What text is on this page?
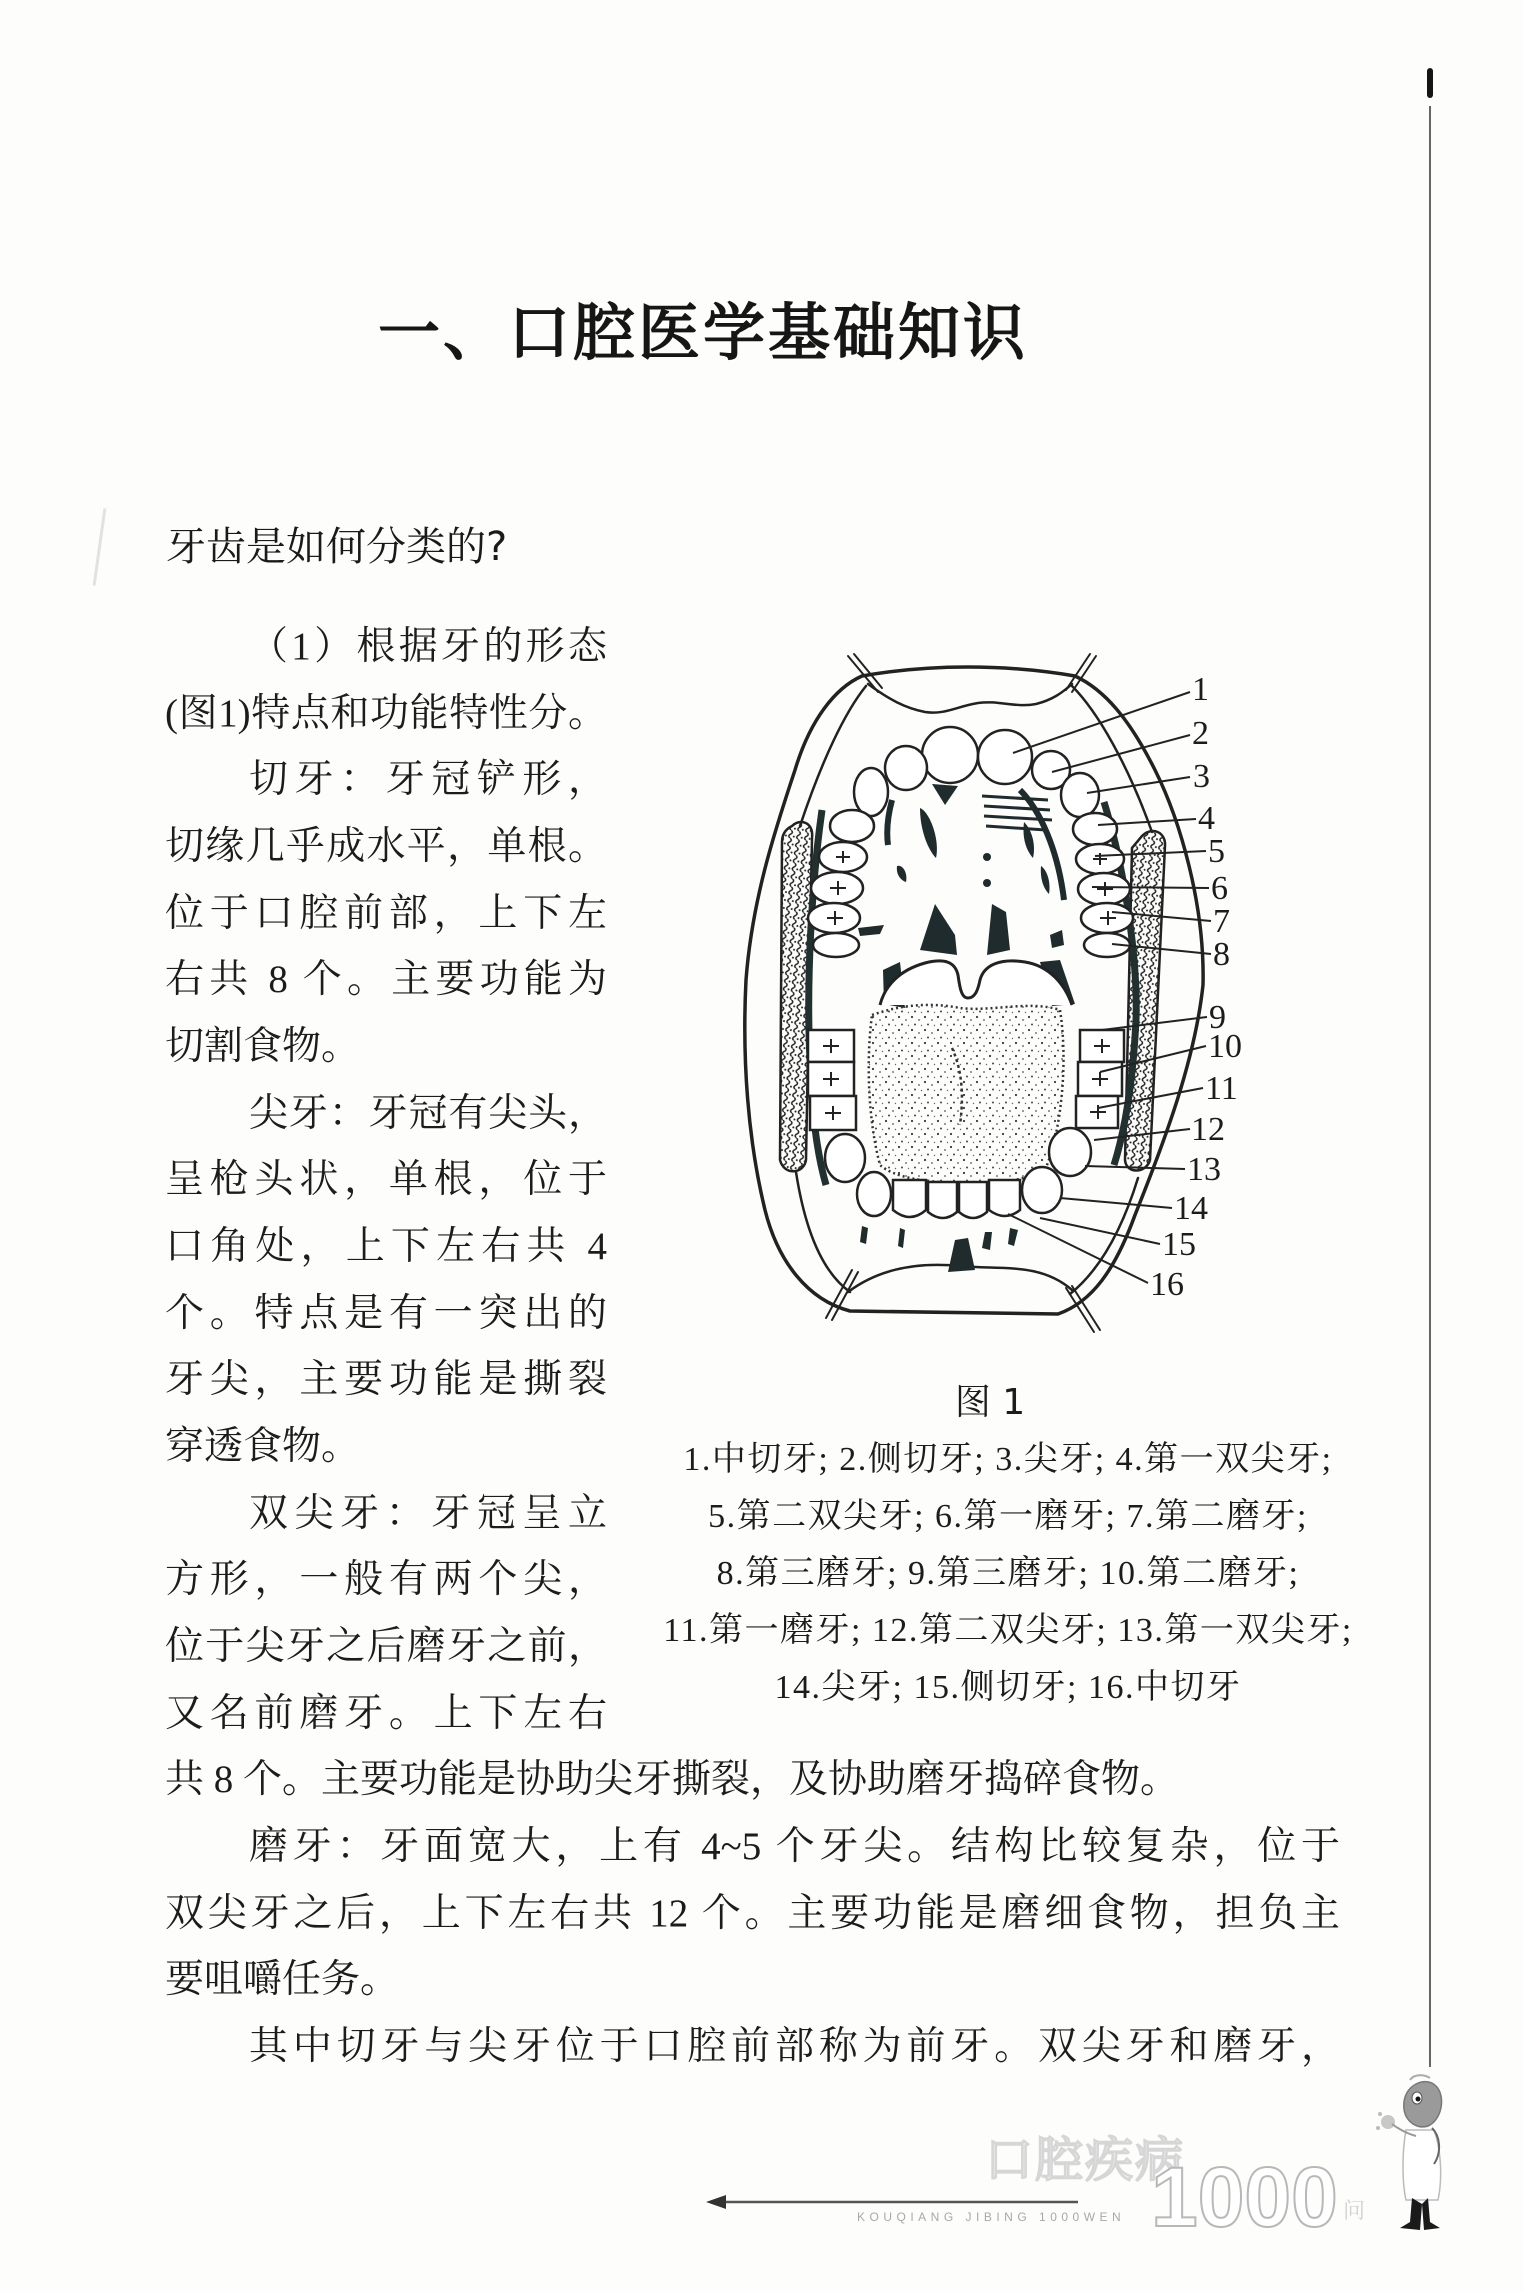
一、口腔医学基础知识
牙齿是如何分类的?
（1）根据牙的形态
(图1)特点和功能特性分。
切牙：牙冠铲形，
切缘几乎成水平，单根。
位于口腔前部，上下左
右共 8 个。主要功能为
切割食物。
尖牙：牙冠有尖头，
呈枪头状，单根，位于
口角处，上下左右共 4
个。特点是有一突出的
牙尖，主要功能是撕裂
穿透食物。
双尖牙：牙冠呈立
方形，一般有两个尖，
位于尖牙之后磨牙之前，
又名前磨牙。上下左右
共 8 个。主要功能是协助尖牙撕裂，及协助磨牙捣碎食物。
磨牙：牙面宽大，上有 4~5 个牙尖。结构比较复杂，位于
双尖牙之后，上下左右共 12 个。主要功能是磨细食物，担负主
要咀嚼任务。
其中切牙与尖牙位于口腔前部称为前牙。双尖牙和磨牙，
1
2
3
4
5
6
7
8
9
10
11
12
13
14
15
16
图 1
1.中切牙; 2.侧切牙; 3.尖牙; 4.第一双尖牙;
5.第二双尖牙; 6.第一磨牙; 7.第二磨牙;
8.第三磨牙; 9.第三磨牙; 10.第二磨牙;
11.第一磨牙; 12.第二双尖牙; 13.第一双尖牙;
14.尖牙; 15.侧切牙; 16.中切牙
口腔疾病
1000 问
KOUQIANG JIBING 1000WEN
